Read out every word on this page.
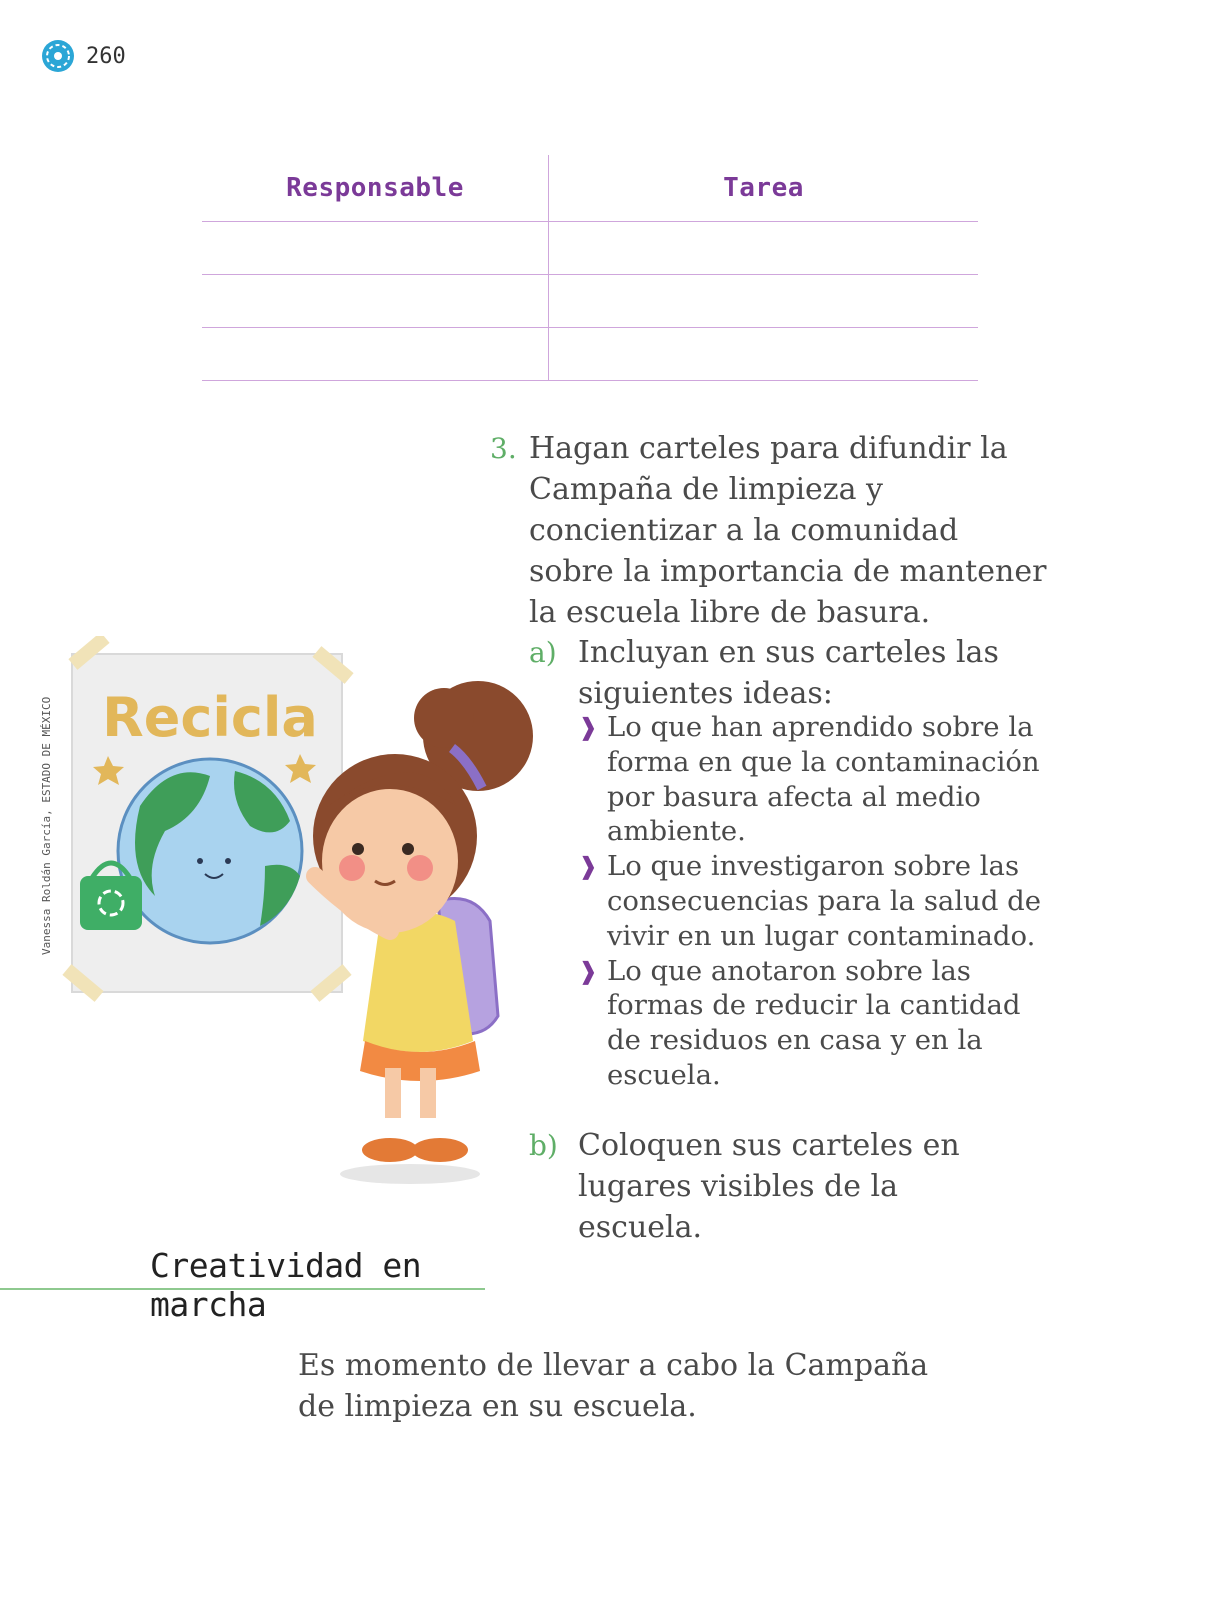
260
Responsable	Tarea
3. Hagan carteles para difundir la Campaña de limpieza y concientizar a la comunidad sobre la importancia de mantener la escuela libre de basura.
a) Incluyan en sus carteles las siguientes ideas:
❱ Lo que han aprendido sobre la forma en que la contaminación por basura afecta al medio ambiente.
❱ Lo que investigaron sobre las consecuencias para la salud de vivir en un lugar contaminado.
❱ Lo que anotaron sobre las formas de reducir la cantidad de residuos en casa y en la escuela.
b) Coloquen sus carteles en lugares visibles de la escuela.
Vanessa Roldán García, ESTADO DE MÉXICO Recicla
Creatividad en marcha
Es momento de llevar a cabo la Campaña de limpieza en su escuela.
